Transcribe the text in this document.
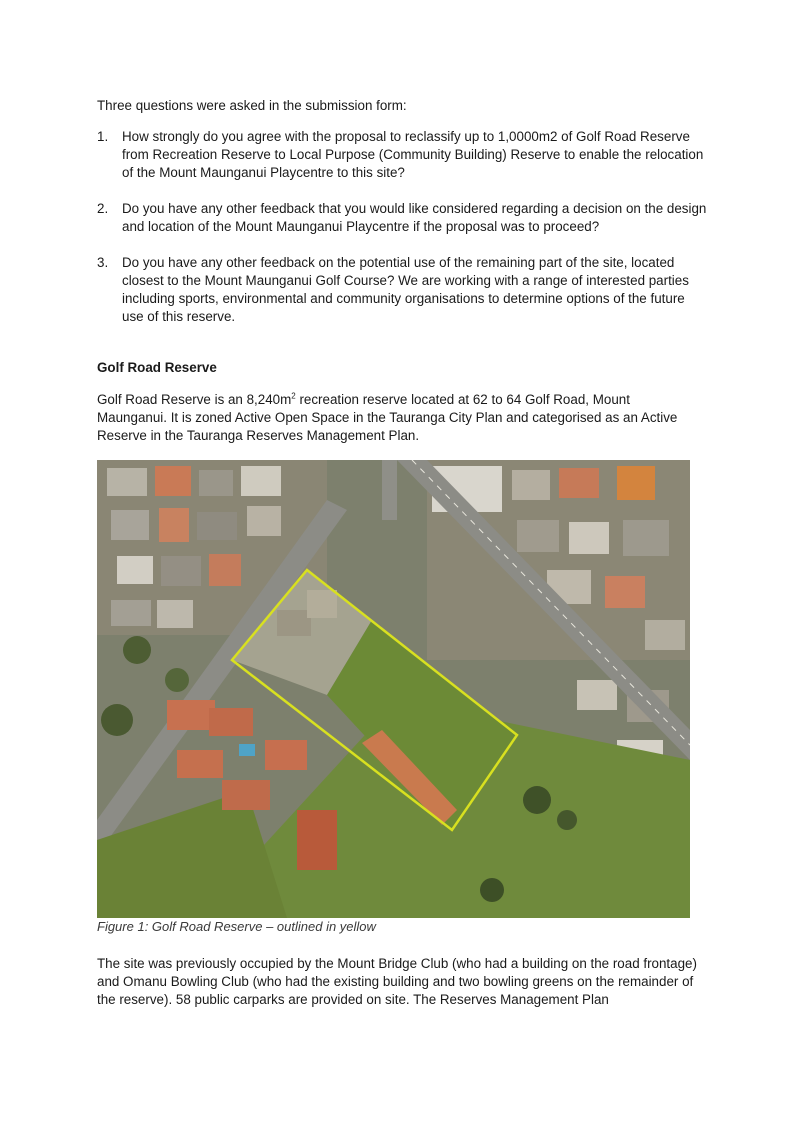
Three questions were asked in the submission form:

1. How strongly do you agree with the proposal to reclassify up to 1,0000m2 of Golf Road Reserve from Recreation Reserve to Local Purpose (Community Building) Reserve to enable the relocation of the Mount Maunganui Playcentre to this site?
2. Do you have any other feedback that you would like considered regarding a decision on the design and location of the Mount Maunganui Playcentre if the proposal was to proceed?
3. Do you have any other feedback on the potential use of the remaining part of the site, located closest to the Mount Maunganui Golf Course? We are working with a range of interested parties including sports, environmental and community organisations to determine options of the future use of this reserve.
Golf Road Reserve

Golf Road Reserve is an $8,240m^2$ recreation reserve located at 62 to 64 Golf Road, Mount Maunganui. It is zoned Active Open Space in the Tauranga City Plan and categorised as an Active Reserve in the Tauranga Reserves Management Plan.

Figure 1: Golf Road Reserve – outlined in yellow

The site was previously occupied by the Mount Bridge Club (who had a building on the road frontage) and Omanu Bowling Club (who had the existing building and two bowling greens on the remainder of the reserve). 58 public carparks are provided on site. The Reserves Management Plan
